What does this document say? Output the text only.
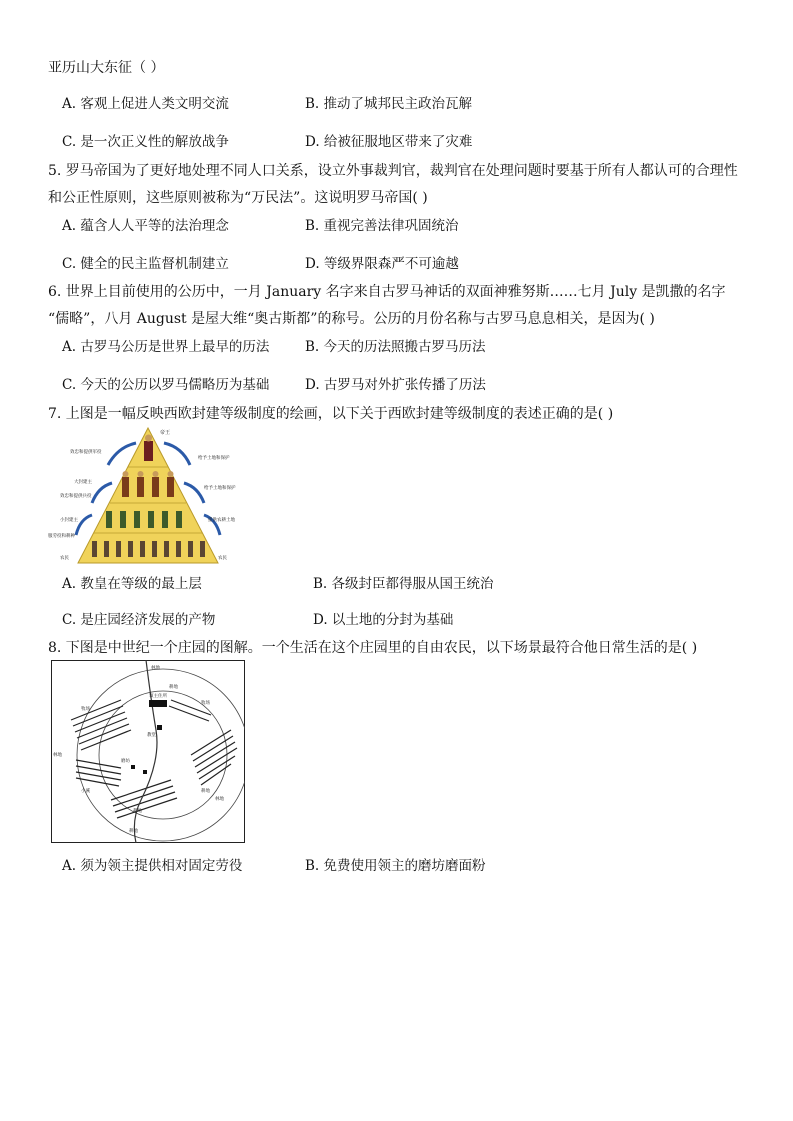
亚历山大东征（ ）
A. 客观上促进人类文明交流	B. 推动了城邦民主政治瓦解
C. 是一次正义性的解放战争	D. 给被征服地区带来了灾难
5. 罗马帝国为了更好地处理不同人口关系，设立外事裁判官，裁判官在处理问题时要基于所有人都认可的合理性
和公正性原则，这些原则被称为“万民法”。这说明罗马帝国( )
A. 蕴含人人平等的法治理念	B. 重视完善法律巩固统治
C. 健全的民主监督机制建立	D. 等级界限森严不可逾越
6. 世界上目前使用的公历中，一月 January 名字来自古罗马神话的双面神雅努斯……七月 July 是凯撒的名字
“儒略”，八月 August 是屋大维“奥古斯都”的称号。公历的月份名称与古罗马息息相关，是因为( )
A. 古罗马公历是世界上最早的历法	B. 今天的历法照搬古罗马历法
C. 今天的公历以罗马儒略历为基础	D. 古罗马对外扩张传播了历法
7. 上图是一幅反映西欧封建等级制度的绘画，以下关于西欧封建等级制度的表述正确的是( )
帝王
效忠和提供军役
大封建主
效忠和提供兵役
小封建主
服劳役和耕种
农民
给予土地和保护
给予土地和保护
提供农耕土地
农民
A. 教皇在等级的最上层	B. 各级封臣都得服从国王统治
C. 是庄园经济发展的产物	D. 以土地的分封为基础
8. 下图是中世纪一个庄园的图解。一个生活在这个庄园里的自由农民，以下场景最符合他日常生活的是( )
林地
领主住所
牧场
教堂
牧场
耕地
磨坊
林地
耕地
耕地
耕地
林地
小溪
A. 须为领主提供相对固定劳役	B. 免费使用领主的磨坊磨面粉
